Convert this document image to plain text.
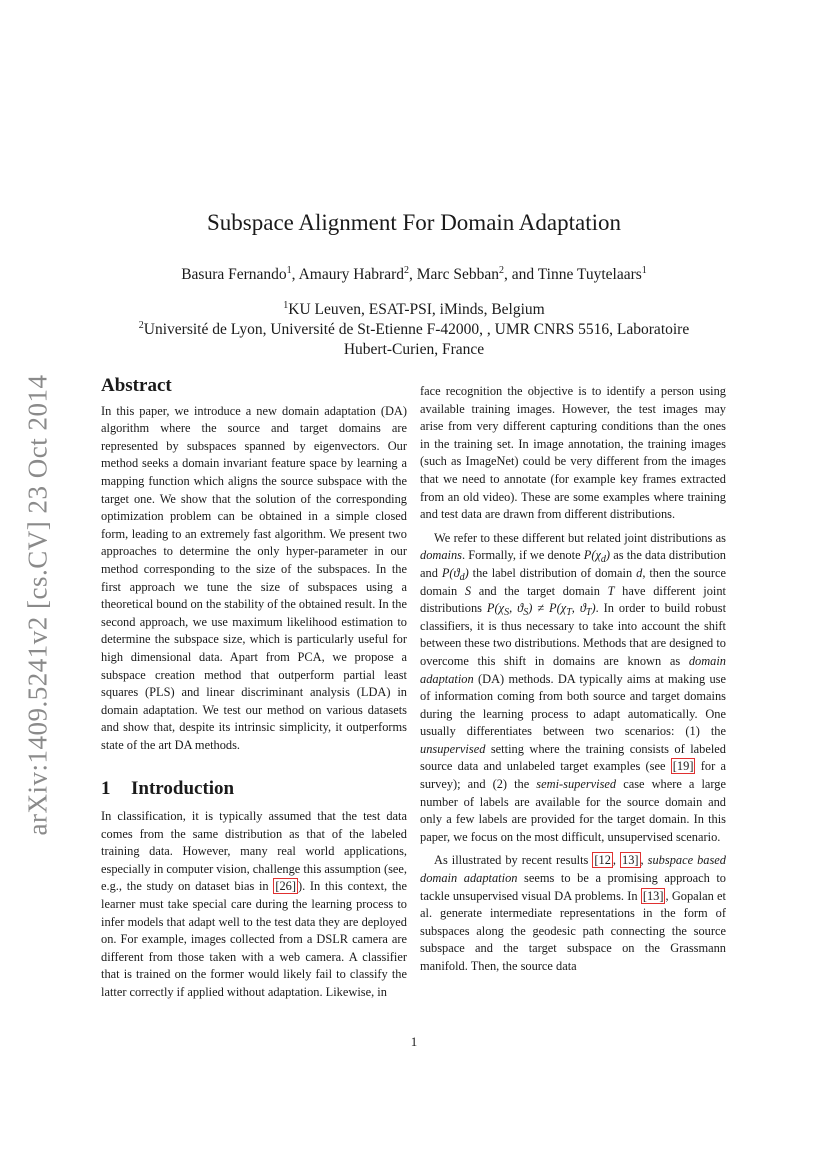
arXiv:1409.5241v2 [cs.CV] 23 Oct 2014
Subspace Alignment For Domain Adaptation
Basura Fernando$^1$, Amaury Habrard$^2$, Marc Sebban$^2$, and Tinne Tuytelaars$^1$
$^1$KU Leuven, ESAT-PSI, iMinds, Belgium
$^2$Université de Lyon, Université de St-Etienne F-42000, , UMR CNRS 5516, Laboratoire
Hubert-Curien, France
Abstract

In this paper, we introduce a new domain adaptation (DA) algorithm where the source and target domains are represented by subspaces spanned by eigenvectors. Our method seeks a domain invariant feature space by learning a mapping function which aligns the source subspace with the target one. We show that the solution of the corresponding optimization problem can be obtained in a simple closed form, leading to an extremely fast algorithm. We present two approaches to determine the only hyper-parameter in our method corresponding to the size of the subspaces. In the first approach we tune the size of subspaces using a theoretical bound on the stability of the obtained result. In the second approach, we use maximum likelihood estimation to determine the subspace size, which is particularly useful for high dimensional data. Apart from PCA, we propose a subspace creation method that outperform partial least squares (PLS) and linear discriminant analysis (LDA) in domain adaptation. We test our method on various datasets and show that, despite its intrinsic simplicity, it outperforms state of the art DA methods.

1 Introduction

In classification, it is typically assumed that the test data comes from the same distribution as that of the labeled training data. However, many real world applications, especially in computer vision, challenge this assumption (see, e.g., the study on dataset bias in [26] ). In this context, the learner must take special care during the learning process to infer models that adapt well to the test data they are deployed on. For example, images collected from a DSLR camera are different from those taken with a web camera. A classifier that is trained on the former would likely fail to classify the latter correctly if applied without adaptation. Likewise, in

face recognition the objective is to identify a person using available training images. However, the test images may arise from very different capturing conditions than the ones in the training set. In image annotation, the training images (such as ImageNet) could be very different from the images that we need to annotate (for example key frames extracted from an old video). These are some examples where training and test data are drawn from different distributions.

We refer to these different but related joint distributions as domains. Formally, if we denote $P(\chi_d)$ as the data distribution and $P(ϑ_d)$ the label distribution of domain d, then the source domain S and the target domain T have different joint distributions $P(\chi_S$, $ϑ_S) \ne P(\chi_T$, $ϑ_T$). In order to build robust classifiers, it is thus necessary to take into account the shift between these two distributions. Methods that are designed to overcome this shift in domains are known as domain adaptation (DA) methods. DA typically aims at making use of information coming from both source and target domains during the learning process to adapt automatically. One usually differentiates between two scenarios: (1) the unsupervised setting where the training consists of labeled source data and unlabeled target examples (see [19] for a survey); and (2) the semi-supervised case where a large number of labels are available for the source domain and only a few labels are provided for the target domain. In this paper, we focus on the most difficult, unsupervised scenario.

As illustrated by recent results [12 , 13] , subspace based domain adaptation seems to be a promising approach to tackle unsupervised visual DA problems. In [13] , Gopalan et al. generate intermediate representations in the form of subspaces along the geodesic path connecting the source subspace and the target subspace on the Grassmann manifold. Then, the source data

1
